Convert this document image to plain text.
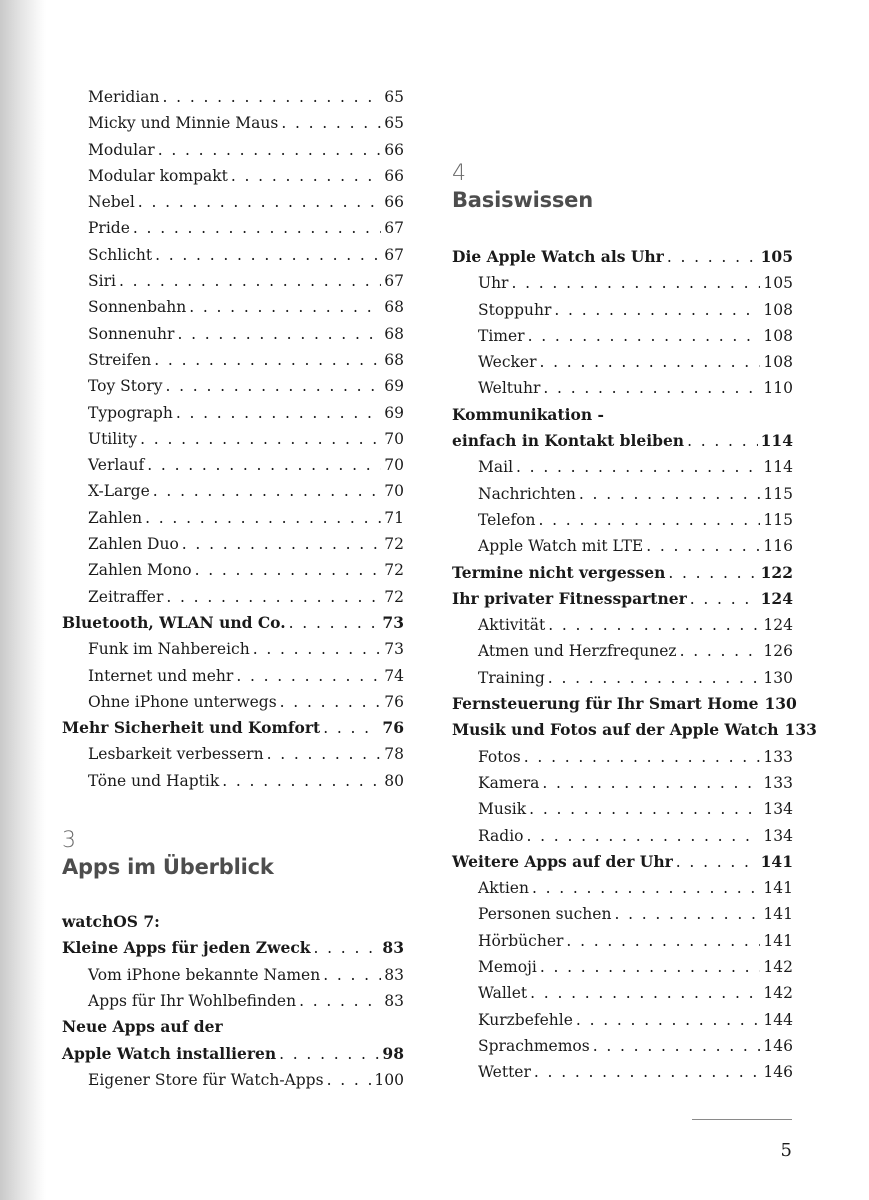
Meridian . . .	65
Micky und Minnie Maus . . .	65
Modular . . .	66
Modular kompakt . . .	66
Nebel . . .	66
Pride . . .	67
Schlicht . . .	67
Siri . . .	67
Sonnenbahn . . .	68
Sonnenuhr . . .	68
Streifen . . .	68
Toy Story . . .	69
Typograph . . .	69
Utility . . .	70
Verlauf . . .	70
X-Large . . .	70
Zahlen . . .	71
Zahlen Duo . . .	72
Zahlen Mono . . .	72
Zeitraffer . . .	72
Bluetooth, WLAN und Co. . . .	73
Funk im Nahbereich . . .	73
Internet und mehr . . .	74
Ohne iPhone unterwegs . . .	76
Mehr Sicherheit und Komfort . . .	76
Lesbarkeit verbessern . . .	78
Töne und Haptik . . .	80
3
Apps im Überblick
watchOS 7:
Kleine Apps für jeden Zweck . . .	83
Vom iPhone bekannte Namen . . .	83
Apps für Ihr Wohlbefinden . . .	83
Neue Apps auf der
Apple Watch installieren . . .	98
Eigener Store für Watch-Apps . . .	100
4
Basiswissen
Die Apple Watch als Uhr . . .	105
Uhr . . .	105
Stoppuhr . . .	108
Timer . . .	108
Wecker . . .	108
Weltuhr . . .	110
Kommunikation -
einfach in Kontakt bleiben . . .	114
Mail . . .	114
Nachrichten . . .	115
Telefon . . .	115
Apple Watch mit LTE . . .	116
Termine nicht vergessen . . .	122
Ihr privater Fitnesspartner . . .	124
Aktivität . . .	124
Atmen und Herzfrequnez . . .	126
Training . . .	130
Fernsteuerung für Ihr Smart Home 130
Musik und Fotos auf der Apple Watch 133
Fotos . . .	133
Kamera . . .	133
Musik . . .	134
Radio . . .	134
Weitere Apps auf der Uhr . . .	141
Aktien . . .	141
Personen suchen . . .	141
Hörbücher . . .	141
Memoji . . .	142
Wallet . . .	142
Kurzbefehle . . .	144
Sprachmemos . . .	146
Wetter . . .	146
5
